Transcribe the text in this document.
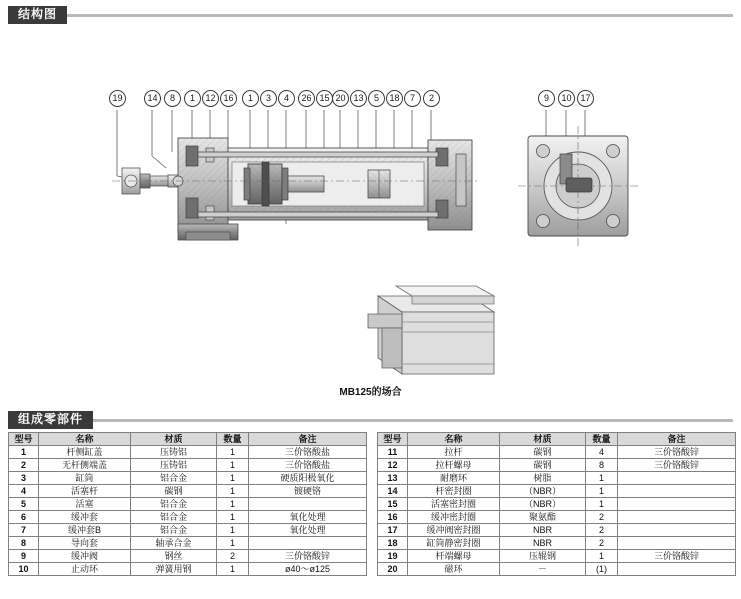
结构图
19	14	8	1	12 16	1	3	4	26 15 20 13	5	18	7	2	9	10 17
MB125的场合
组成零部件
型号	名称	材质	数量	备注
1	杆侧缸盖	压铸铝	1	三价铬酸盐
2	无杆侧端盖	压铸铝	1	三价铬酸盐
3	缸筒	铝合金	1	硬质阳极氧化
4	活塞杆	碳钢	1	镀硬铬
5	活塞	铝合金	1	
6	缓冲套	铝合金	1	氧化处理
7	缓冲套B	铝合金	1	氧化处理
8	导向套	轴承合金	1	
9	缓冲阀	钢丝	2	三价铬酸锌
10	止动环	弹簧用钢	1	ø40～ø125
型号	名称	材质	数量	备注
11	拉杆	碳钢	4	三价铬酸锌
12	拉杆螺母	碳钢	8	三价铬酸锌
13	耐磨环	树脂	1	
14	杆密封圈	（NBR）	1	
15	活塞密封圈	（NBR）	1	
16	缓冲密封圈	聚氨酯	2	
17	缓冲阀密封圈	NBR	2	
18	缸筒静密封圈	NBR	2	
19	杆端螺母	压辊钢	1	三价铬酸锌
20	磁环	－	(1)	
